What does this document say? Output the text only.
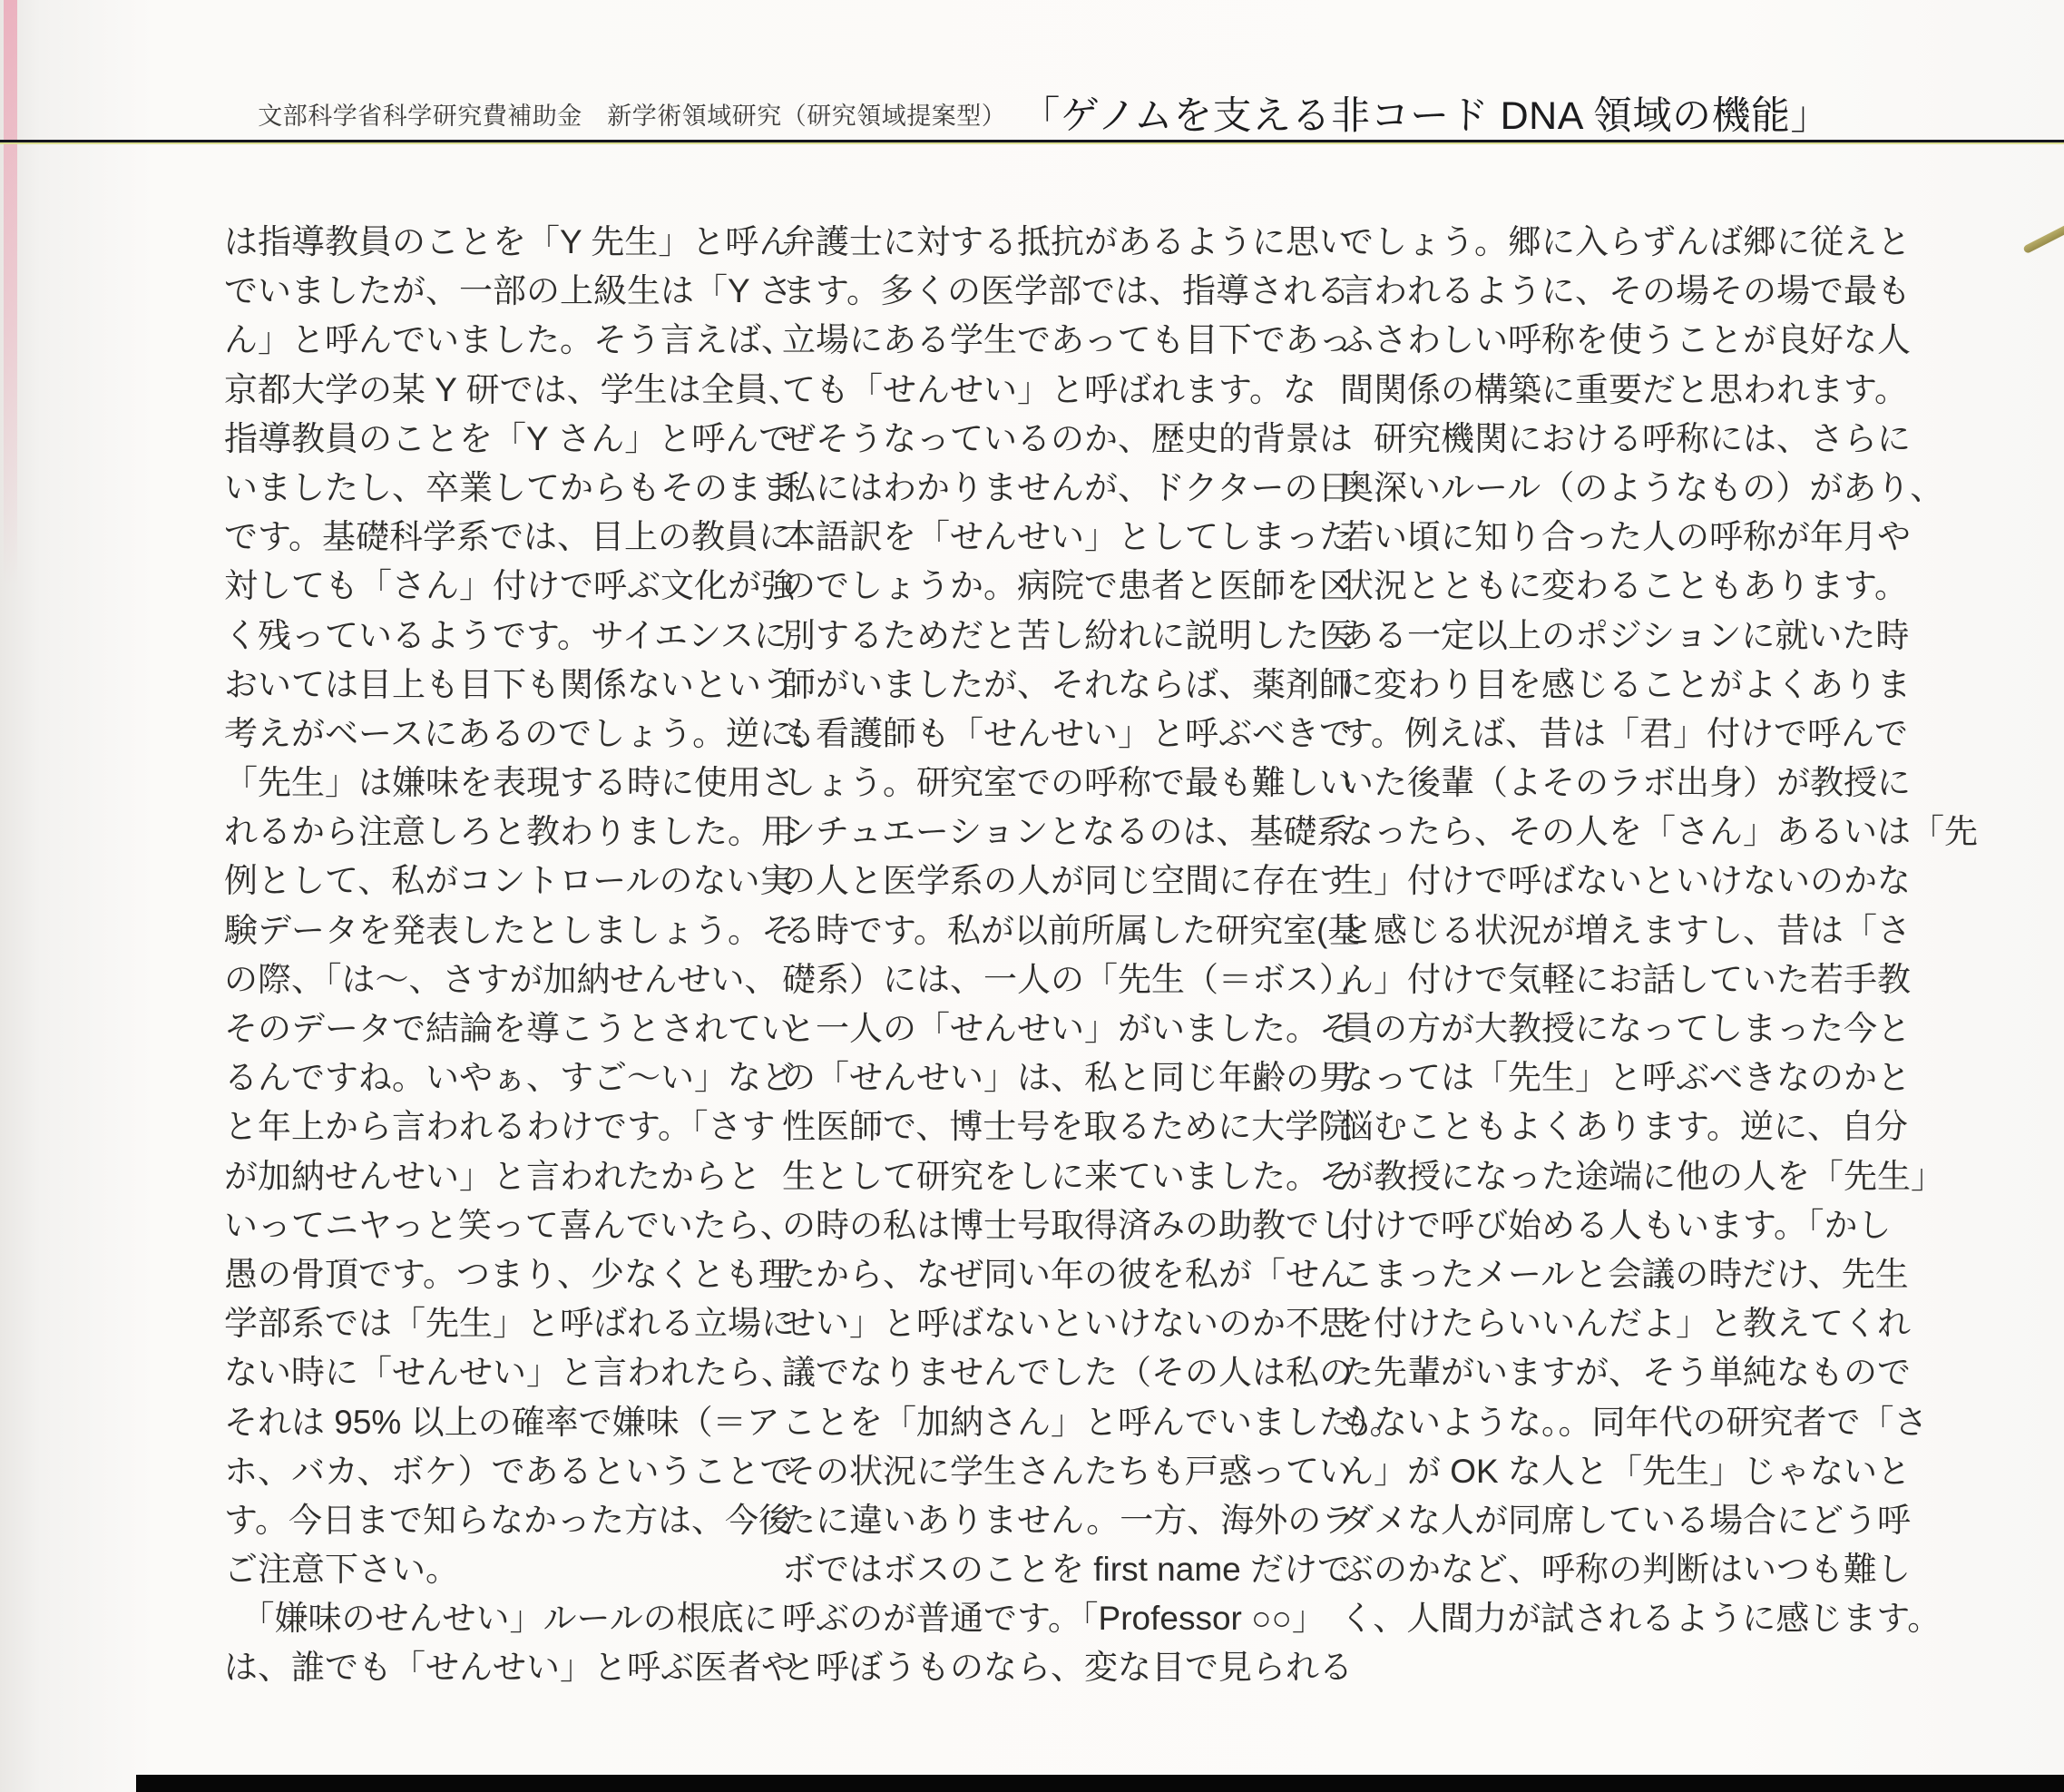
文部科学省科学研究費補助金　新学術領域研究（研究領域提案型） 「ゲノムを支える非コード DNA 領域の機能」
は指導教員のことを「Y 先生」と呼ん
でいましたが、一部の上級生は「Y さ
ん」と呼んでいました。そう言えば、
京都大学の某 Y 研では、学生は全員、
指導教員のことを「Y さん」と呼んで
いましたし、卒業してからもそのまま
です。基礎科学系では、目上の教員に
対しても「さん」付けで呼ぶ文化が強
く残っているようです。サイエンスに
おいては目上も目下も関係ないという
考えがベースにあるのでしょう。逆に、
「先生」は嫌味を表現する時に使用さ
れるから注意しろと教わりました。用
例として、私がコントロールのない実
験データを発表したとしましょう。そ
の際、「は〜、さすが加納せんせい、
そのデータで結論を導こうとされてい
るんですね。いやぁ、すご〜い」など
と年上から言われるわけです。「さす
が加納せんせい」と言われたからと
いってニヤっと笑って喜んでいたら、
愚の骨頂です。つまり、少なくとも理
学部系では「先生」と呼ばれる立場に
ない時に「せんせい」と言われたら、
それは 95% 以上の確率で嫌味（＝ア
ホ、バカ、ボケ）であるということで
す。今日まで知らなかった方は、今後
ご注意下さい。
　「嫌味のせんせい」ルールの根底に
は、誰でも「せんせい」と呼ぶ医者や
弁護士に対する抵抗があるように思い
ます。多くの医学部では、指導される
立場にある学生であっても目下であっ
ても「せんせい」と呼ばれます。な
ぜそうなっているのか、歴史的背景は
私にはわかりませんが、ドクターの日
本語訳を「せんせい」としてしまった
のでしょうか。病院で患者と医師を区
別するためだと苦し紛れに説明した医
師がいましたが、それならば、薬剤師
も看護師も「せんせい」と呼ぶべきで
しょう。研究室での呼称で最も難しい
シチュエーションとなるのは、基礎系
の人と医学系の人が同じ空間に存在す
る時です。私が以前所属した研究室(基
礎系）には、一人の「先生（＝ボス）」
と一人の「せんせい」がいました。そ
の「せんせい」は、私と同じ年齢の男
性医師で、博士号を取るために大学院
生として研究をしに来ていました。そ
の時の私は博士号取得済みの助教でし
たから、なぜ同い年の彼を私が「せん
せい」と呼ばないといけないのか不思
議でなりませんでした（その人は私の
ことを「加納さん」と呼んでいました）。
その状況に学生さんたちも戸惑ってい
たに違いありません。一方、海外のラ
ボではボスのことを first name だけで
呼ぶのが普通です。「Professor ○○」
と呼ぼうものなら、変な目で見られる
でしょう。郷に入らずんば郷に従えと
言われるように、その場その場で最も
ふさわしい呼称を使うことが良好な人
間関係の構築に重要だと思われます。
　研究機関における呼称には、さらに
奥深いルール（のようなもの）があり、
若い頃に知り合った人の呼称が年月や
状況とともに変わることもあります。
ある一定以上のポジションに就いた時
に変わり目を感じることがよくありま
す。例えば、昔は「君」付けで呼んで
いた後輩（よそのラボ出身）が教授に
なったら、その人を「さん」あるいは「先
生」付けで呼ばないといけないのかな
と感じる状況が増えますし、昔は「さ
ん」付けで気軽にお話していた若手教
員の方が大教授になってしまった今と
なっては「先生」と呼ぶべきなのかと
悩むこともよくあります。逆に、自分
が教授になった途端に他の人を「先生」
付けで呼び始める人もいます。「かし
こまったメールと会議の時だけ、先生
を付けたらいいんだよ」と教えてくれ
た先輩がいますが、そう単純なもので
もないような。。同年代の研究者で「さ
ん」が OK な人と「先生」じゃないと
ダメな人が同席している場合にどう呼
ぶのかなど、呼称の判断はいつも難し
く、人間力が試されるように感じます。
